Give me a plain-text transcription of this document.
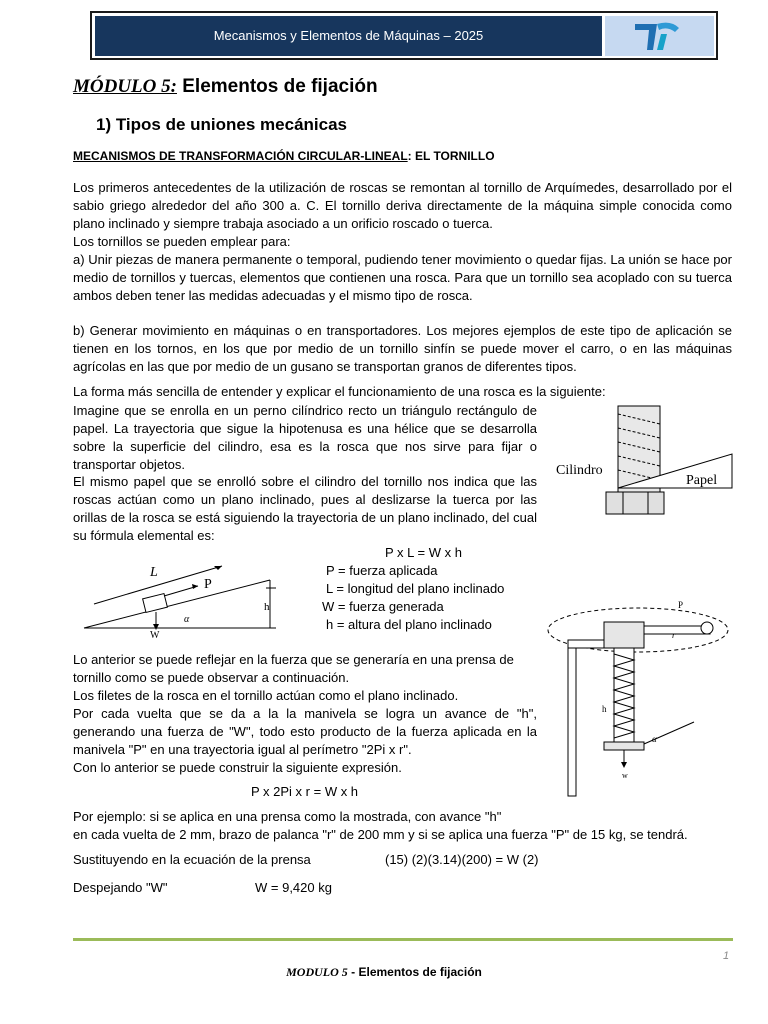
Mecanismos y Elementos de Máquinas – 2025
MÓDULO 5: Elementos de fijación
1) Tipos de uniones mecánicas
MECANISMOS DE TRANSFORMACIÓN CIRCULAR-LINEAL: EL TORNILLO
Los primeros antecedentes de la utilización de roscas se remontan al tornillo de Arquímedes, desarrollado por el sabio griego alrededor del año 300 a. C. El tornillo deriva directamente de la máquina simple conocida como plano inclinado y siempre trabaja asociado a un orificio roscado o tuerca.
Los tornillos se pueden emplear para:
a) Unir piezas de manera permanente o temporal, pudiendo tener movimiento o quedar fijas. La unión se hace por medio de tornillos y tuercas, elementos que contienen una rosca. Para que un tornillo sea acoplado con su tuerca ambos deben tener las medidas adecuadas y el mismo tipo de rosca.
b) Generar movimiento en máquinas o en transportadores. Los mejores ejemplos de este tipo de aplicación se tienen en los tornos, en los que por medio de un tornillo sinfín se puede mover el carro, o en las máquinas agrícolas en las que por medio de un gusano se transportan granos de diferentes tipos.
La forma más sencilla de entender y explicar el funcionamiento de una rosca es la siguiente:
Imagine que se enrolla en un perno cilíndrico recto un triángulo rectángulo de papel. La trayectoria que sigue la hipotenusa es una hélice que se desarrolla sobre la superficie del cilindro, esa es la rosca que nos sirve para fijar o transportar objetos.
El mismo papel que se enrolló sobre el cilindro del tornillo nos indica que las roscas actúan como un plano inclinado, pues al deslizarse la tuerca por las orillas de la rosca se está siguiendo la trayectoria de un plano inclinado, del cual su fórmula elemental es:
Cilindro
Papel
P x L = W x h
P = fuerza aplicada
L = longitud del plano inclinado
W = fuerza generada
h = altura del plano inclinado
L
P
W
α
h
Lo anterior se puede reflejar en la fuerza que se generaría en una prensa de tornillo como se puede observar a continuación.
Los filetes de la rosca en el tornillo actúan como el plano inclinado.
Por cada vuelta que se da a la la manivela se logra un avance de "h", generando una fuerza de "W", todo esto producto de la fuerza aplicada en la manivela "P" en una trayectoria igual al perímetro "2Pi x r".
Con lo anterior se puede construir la siguiente expresión.
P x 2Pi x r = W x h
P
r
α
h
w
Por ejemplo: si se aplica en una prensa como la mostrada, con avance "h"
en cada vuelta de 2 mm, brazo de palanca "r" de 200 mm y si se aplica una fuerza "P" de 15 kg, se tendrá.
Sustituyendo en la ecuación de la prensa	(15) (2)(3.14)(200) = W (2)
Despejando "W"	W = 9,420 kg
1
MODULO 5 - Elementos de fijación
